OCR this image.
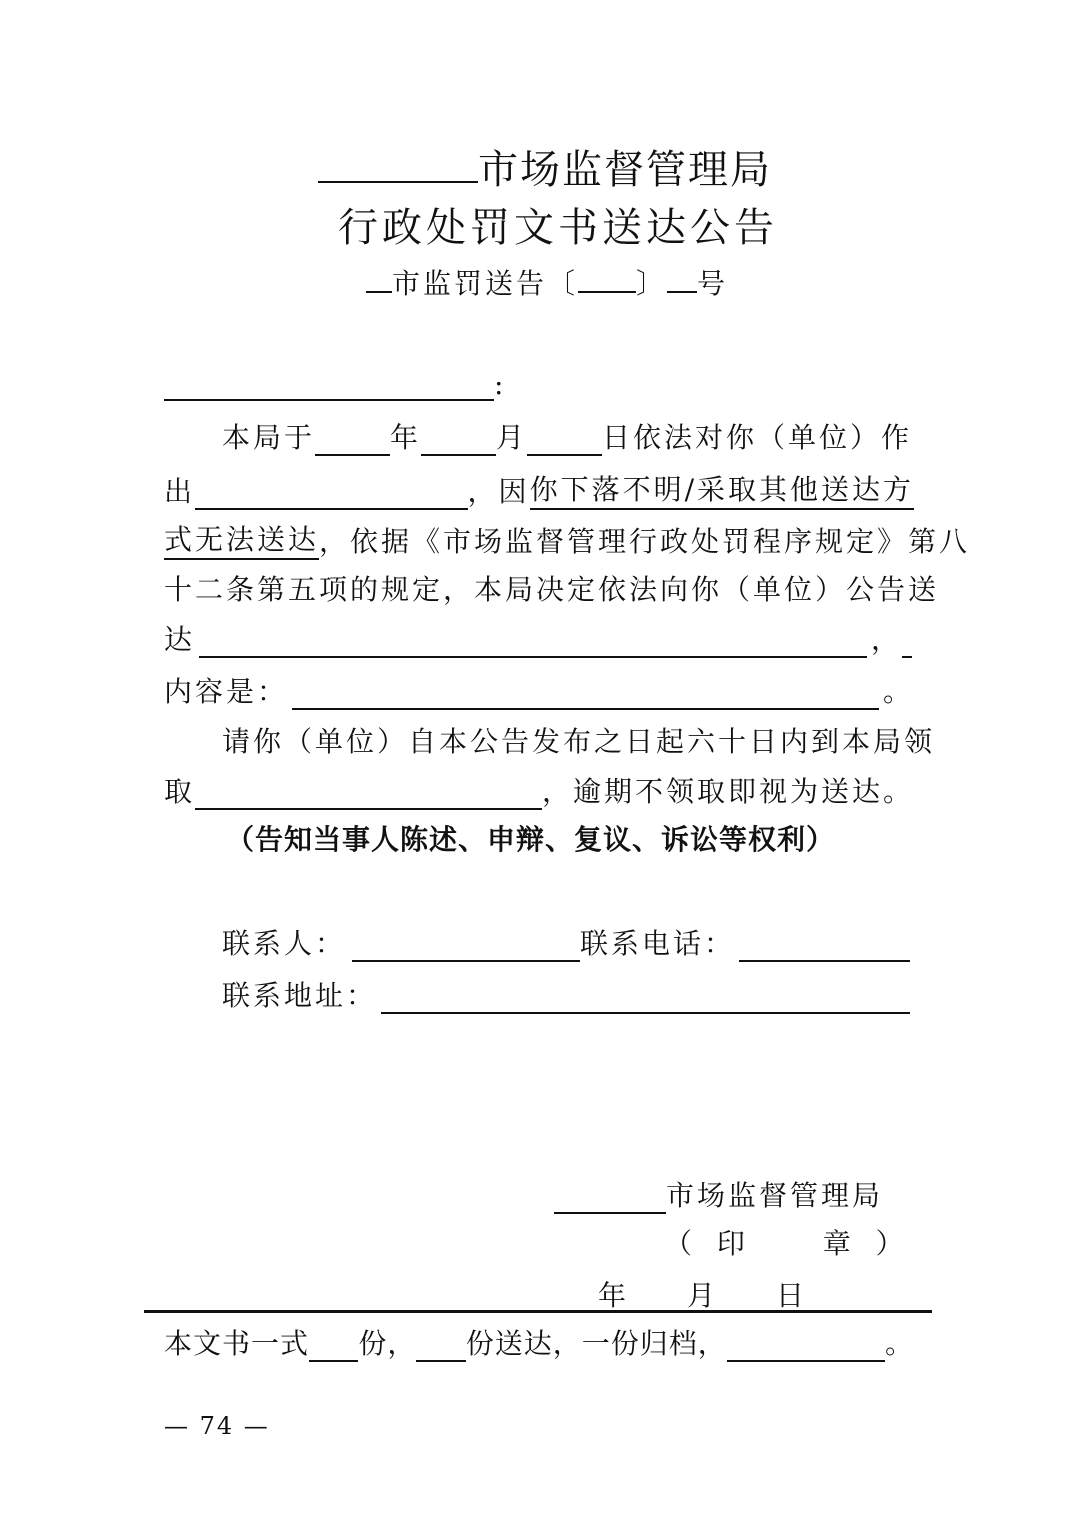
市场监督管理局
行政处罚文书送达公告
市监罚送告〔 〕 号
:
本局于	年	月	日依法对你（单位）作
出	，因 你下落不明/采取其他送达方
式无法送达 ，依据《市场监督管理行政处罚程序规定》第八
十二条第五项的规定，本局决定依法向你（单位）公告送
达	，
内容是：	。
请你（单位）自本公告发布之日起六十日内到本局领
取	，逾期不领取即视为送达。
（告知当事人陈述、申辩、复议、诉讼等权利）
联系人：	联系电话：
联系地址：
市场监督管理局
（ 印 　 章 ）
年 月 日
本文书一式 份， 份送达，一份归档，	。
— 74 —
